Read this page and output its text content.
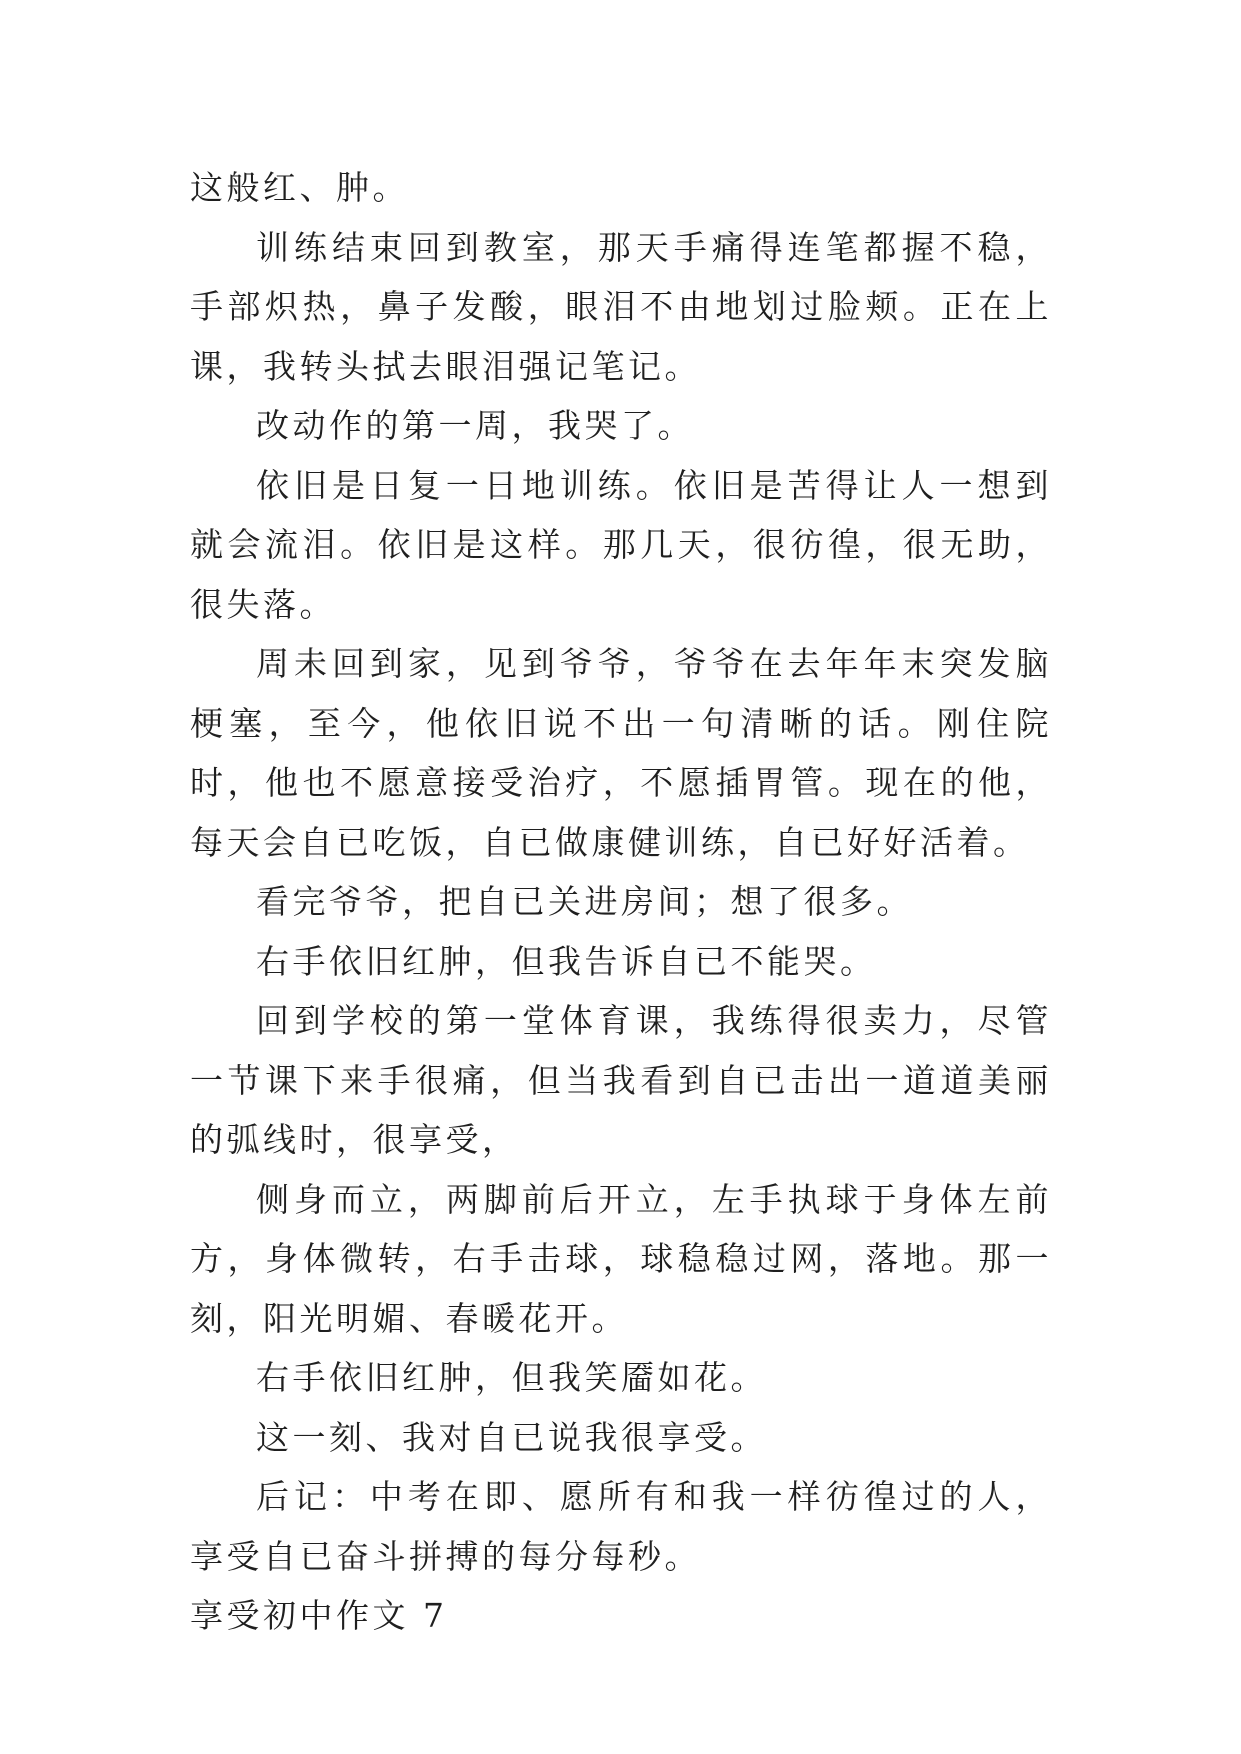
这般红、肿。

训练结束回到教室，那天手痛得连笔都握不稳，手部炽热，鼻子发酸，眼泪不由地划过脸颊。正在上课，我转头拭去眼泪强记笔记。

改动作的第一周，我哭了。

依旧是日复一日地训练。依旧是苦得让人一想到就会流泪。依旧是这样。那几天，很彷徨，很无助，很失落。

周未回到家，见到爷爷，爷爷在去年年末突发脑梗塞，至今，他依旧说不出一句清晰的话。刚住院时，他也不愿意接受治疗，不愿插胃管。现在的他，每天会自已吃饭，自已做康健训练，自已好好活着。

看完爷爷，把自已关进房间；想了很多。

右手依旧红肿，但我告诉自已不能哭。

回到学校的第一堂体育课，我练得很卖力，尽管一节课下来手很痛，但当我看到自已击出一道道美丽的弧线时，很享受，

侧身而立，两脚前后开立，左手执球于身体左前方，身体微转，右手击球，球稳稳过网，落地。那一刻，阳光明媚、春暖花开。

右手依旧红肿，但我笑靥如花。

这一刻、我对自已说我很享受。

后记：中考在即、愿所有和我一样彷徨过的人，享受自已奋斗拼搏的每分每秒。

享受初中作文 7
